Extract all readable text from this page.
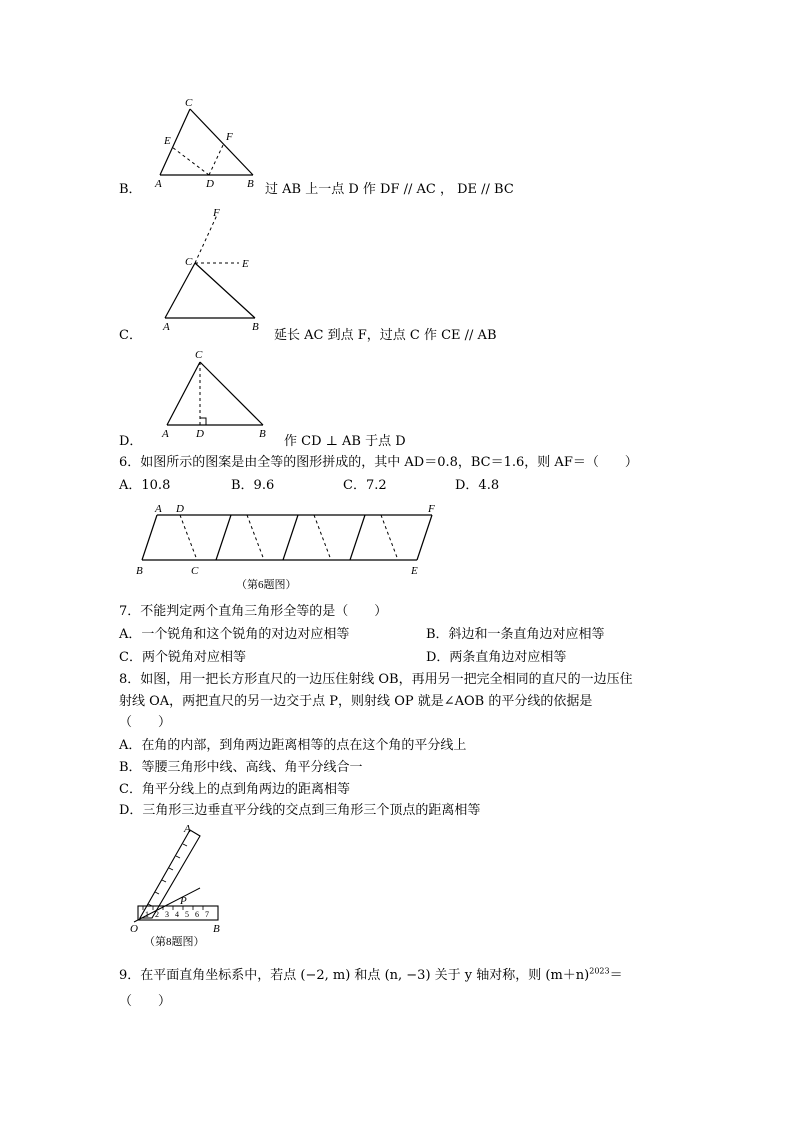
C
E	F
A	D	B
B．	过 AB 上一点 D 作 DF // AC ， DE // BC
F
C	E
A	B
C．	延长 AC 到点 F，过点 C 作 CE // AB
C
A D	B
D．	作 CD ⊥ AB 于点 D
6．如图所示的图案是由全等的图形拼成的，其中 AD＝0.8，BC＝1.6，则 AF＝（　　）
A．10.8	B．9.6	C．7.2	D．4.8
A D	F
B	C	E
（第6题图）
7．不能判定两个直角三角形全等的是（　　）
A．一个锐角和这个锐角的对边对应相等	B．斜边和一条直角边对应相等
C．两个锐角对应相等	D．两条直角边对应相等
8．如图，用一把长方形直尺的一边压住射线 OB，再用另一把完全相同的直尺的一边压住
射线 OA，两把直尺的另一边交于点 P，则射线 OP 就是∠AOB 的平分线的依据是
（　　）
A．在角的内部，到角两边距离相等的点在这个角的平分线上
B．等腰三角形中线、高线、角平分线合一
C．角平分线上的点到角两边的距离相等
D．三角形三边垂直平分线的交点到三角形三个顶点的距离相等
A
P
O	B
1 2 3 4 5 6 7
（第8题图）
9．在平面直角坐标系中，若点 (−2, m) 和点 (n, −3) 关于 y 轴对称，则 $(m+n)^{2023}=$
（　　）
